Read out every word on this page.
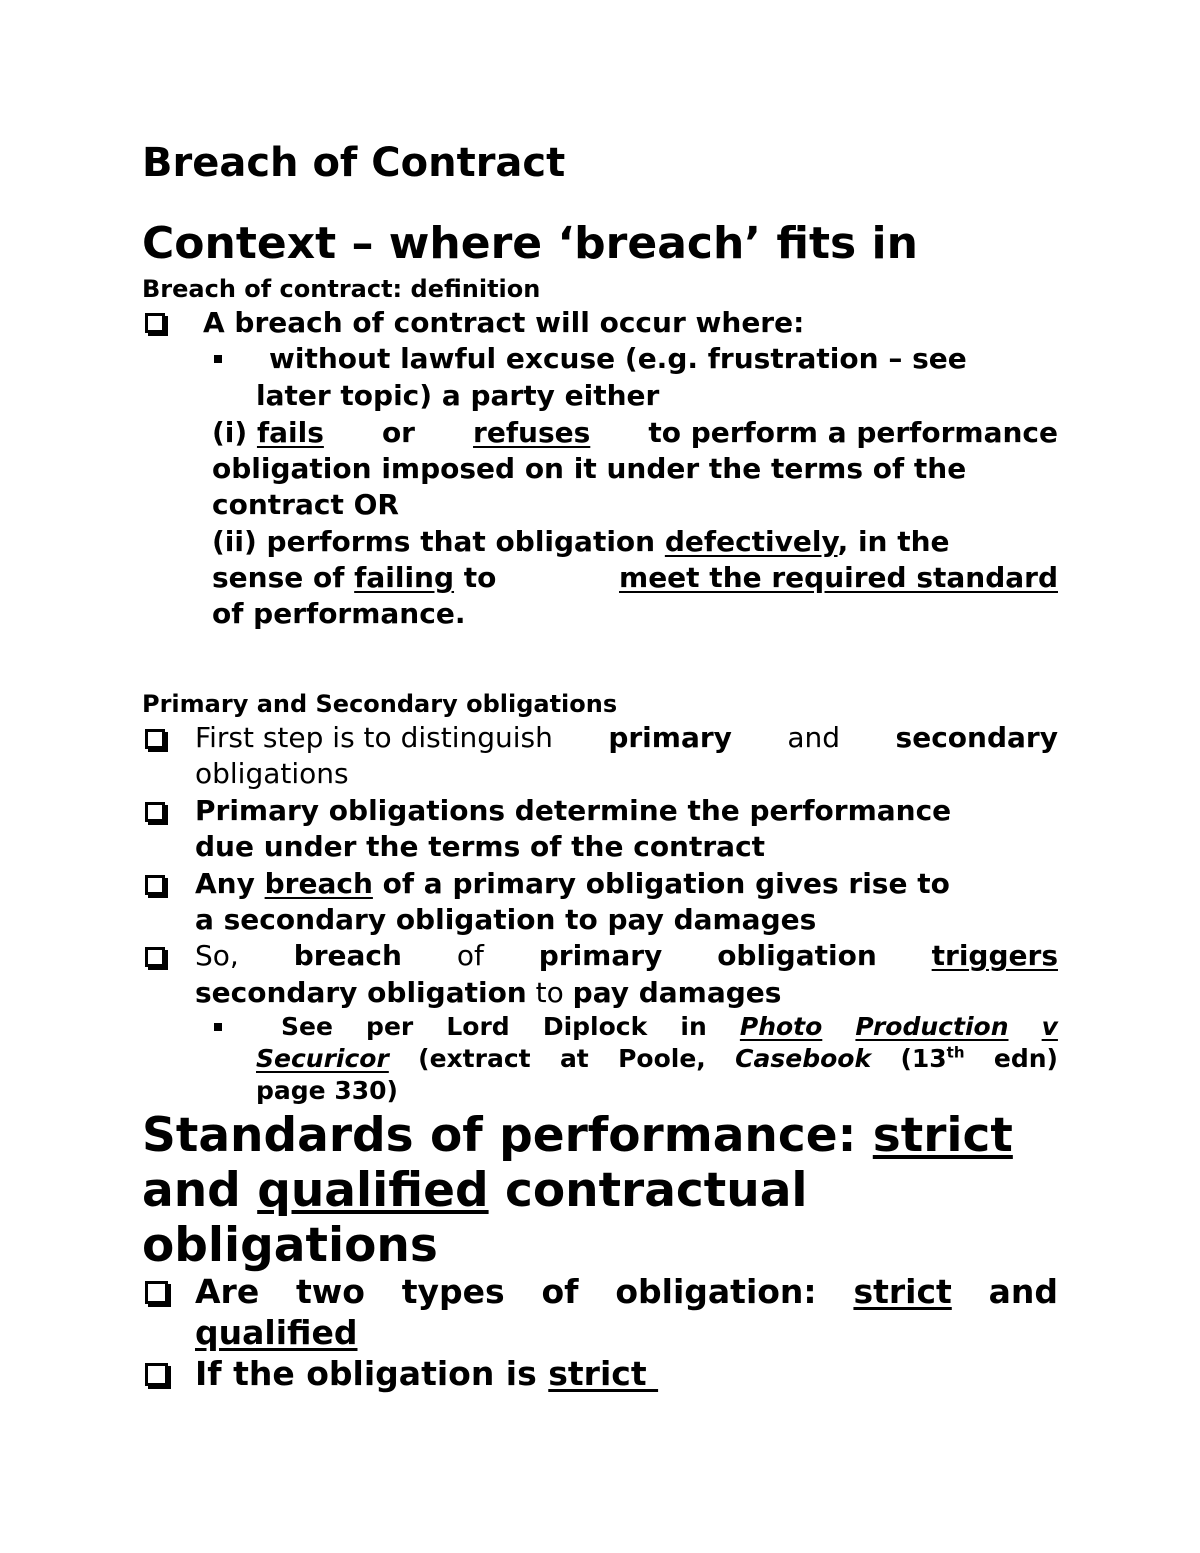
Breach of Contract
Context – where ‘breach’ fits in
Breach of contract: definition
A breach of contract will occur where:
without lawful excuse (e.g. frustration – see
later topic) a party either
(i) fails or refuses to perform a performance
obligation imposed on it under the terms of the
contract OR
(ii) performs that obligation defectively, in the
sense of failing to	meet the required standard
of performance.
Primary and Secondary obligations
First step is to distinguish primary and secondary
obligations
Primary obligations determine the performance
due under the terms of the contract
Any breach of a primary obligation gives rise to
a secondary obligation to pay damages
So, breach of primary obligation triggers
secondary obligation to pay damages
See per Lord Diplock in Photo Production v
Securicor (extract at Poole, Casebook (13th edn)
page 330)
Standards of performance: strict
and qualified contractual
obligations
Are two types of obligation: strict and
qualified
If the obligation is strict
